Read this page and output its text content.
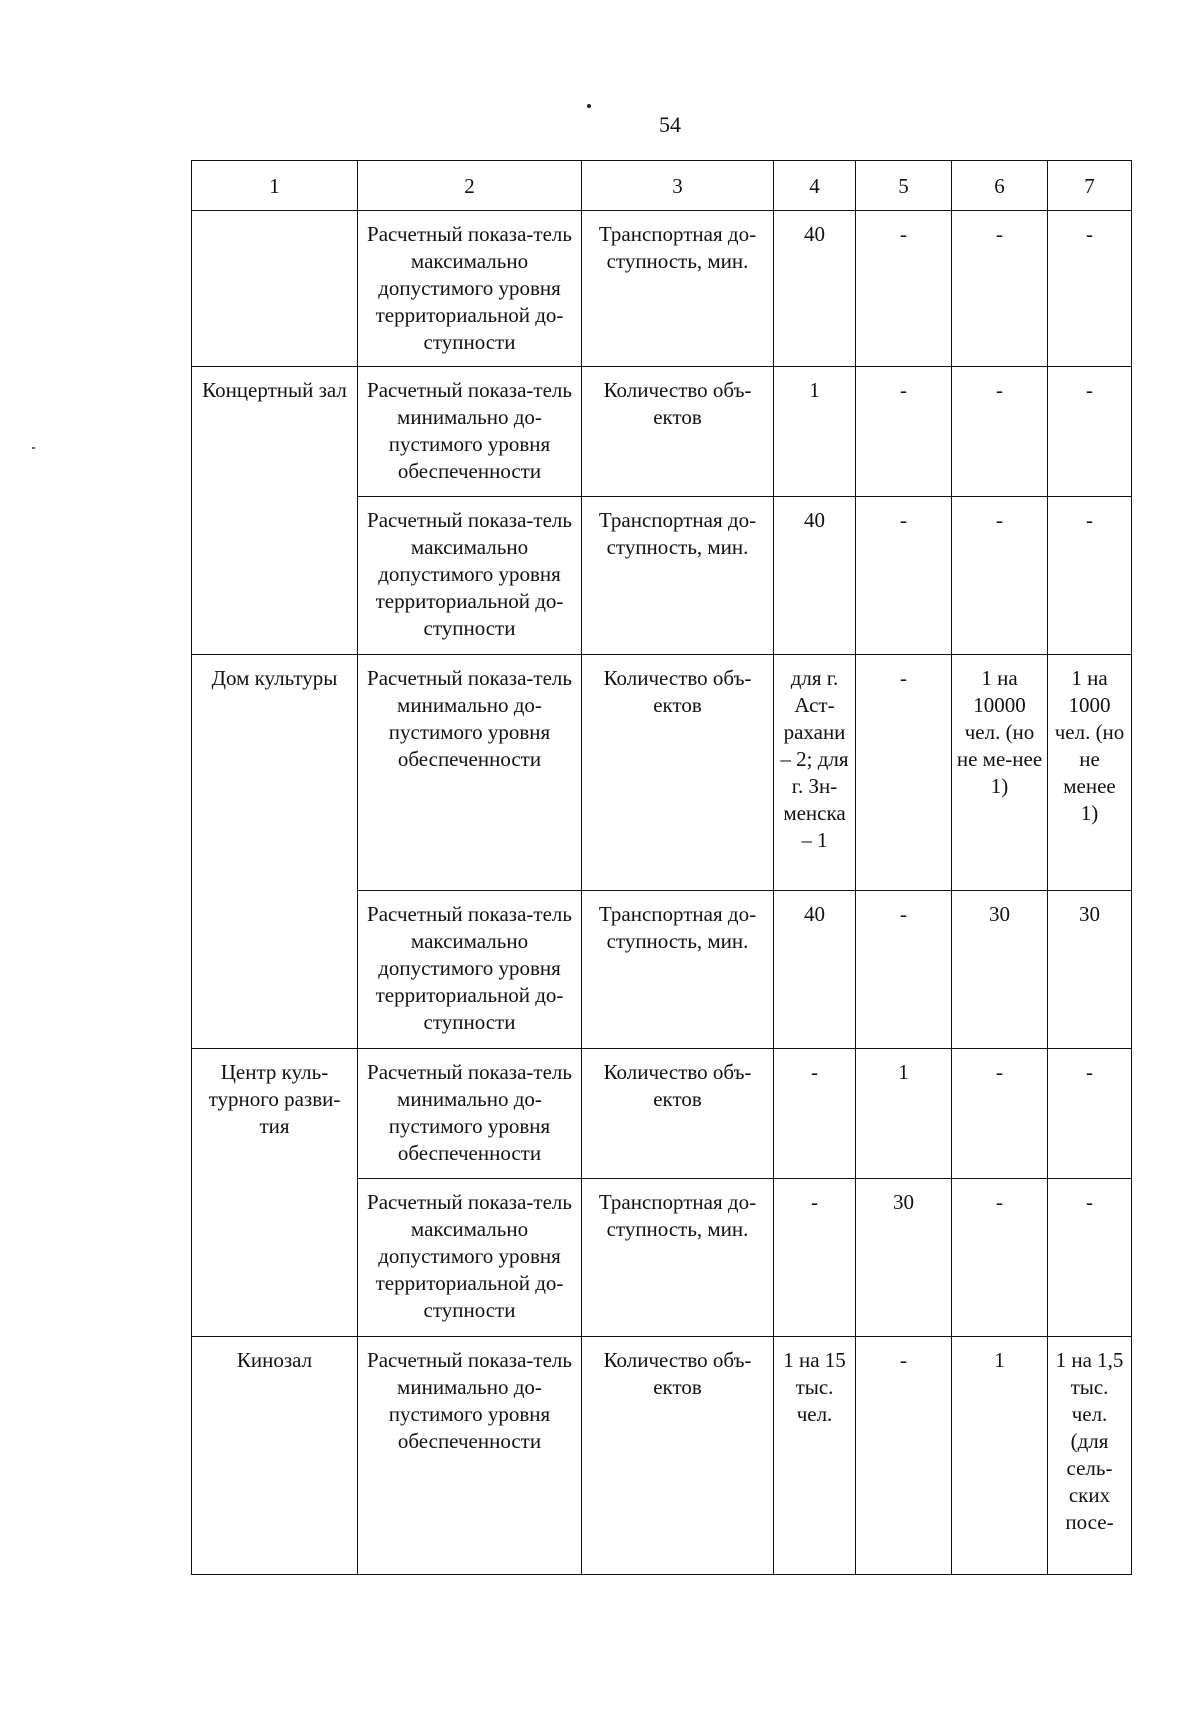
54
1	2	3	4	5	6	7
	Расчетный показа-тель максимально допустимого уровня территориальной до-ступности	Транспортная до-ступность, мин.	40	-	-	-
Концертный зал	Расчетный показа-тель минимально до-пустимого уровня обеспеченности	Количество объ-ектов	1	-	-	-
	Расчетный показа-тель максимально допустимого уровня территориальной до-ступности	Транспортная до-ступность, мин.	40	-	-	-
Дом культуры	Расчетный показа-тель минимально до-пустимого уровня обеспеченности	Количество объ-ектов	для г. Аст-рахани – 2; для г. Зн-менска – 1	-	1 на 10000 чел. (но не ме-нее 1)	1 на 1000 чел. (но не менее 1)
	Расчетный показа-тель максимально допустимого уровня территориальной до-ступности	Транспортная до-ступность, мин.	40	-	30	30
Центр куль-турного разви-тия	Расчетный показа-тель минимально до-пустимого уровня обеспеченности	Количество объ-ектов	-	1	-	-
	Расчетный показа-тель максимально допустимого уровня территориальной до-ступности	Транспортная до-ступность, мин.	-	30	-	-
Кинозал	Расчетный показа-тель минимально до-пустимого уровня обеспеченности	Количество объ-ектов	1 на 15 тыс. чел.	-	1	1 на 1,5 тыс. чел. (для сель-ских посе-
